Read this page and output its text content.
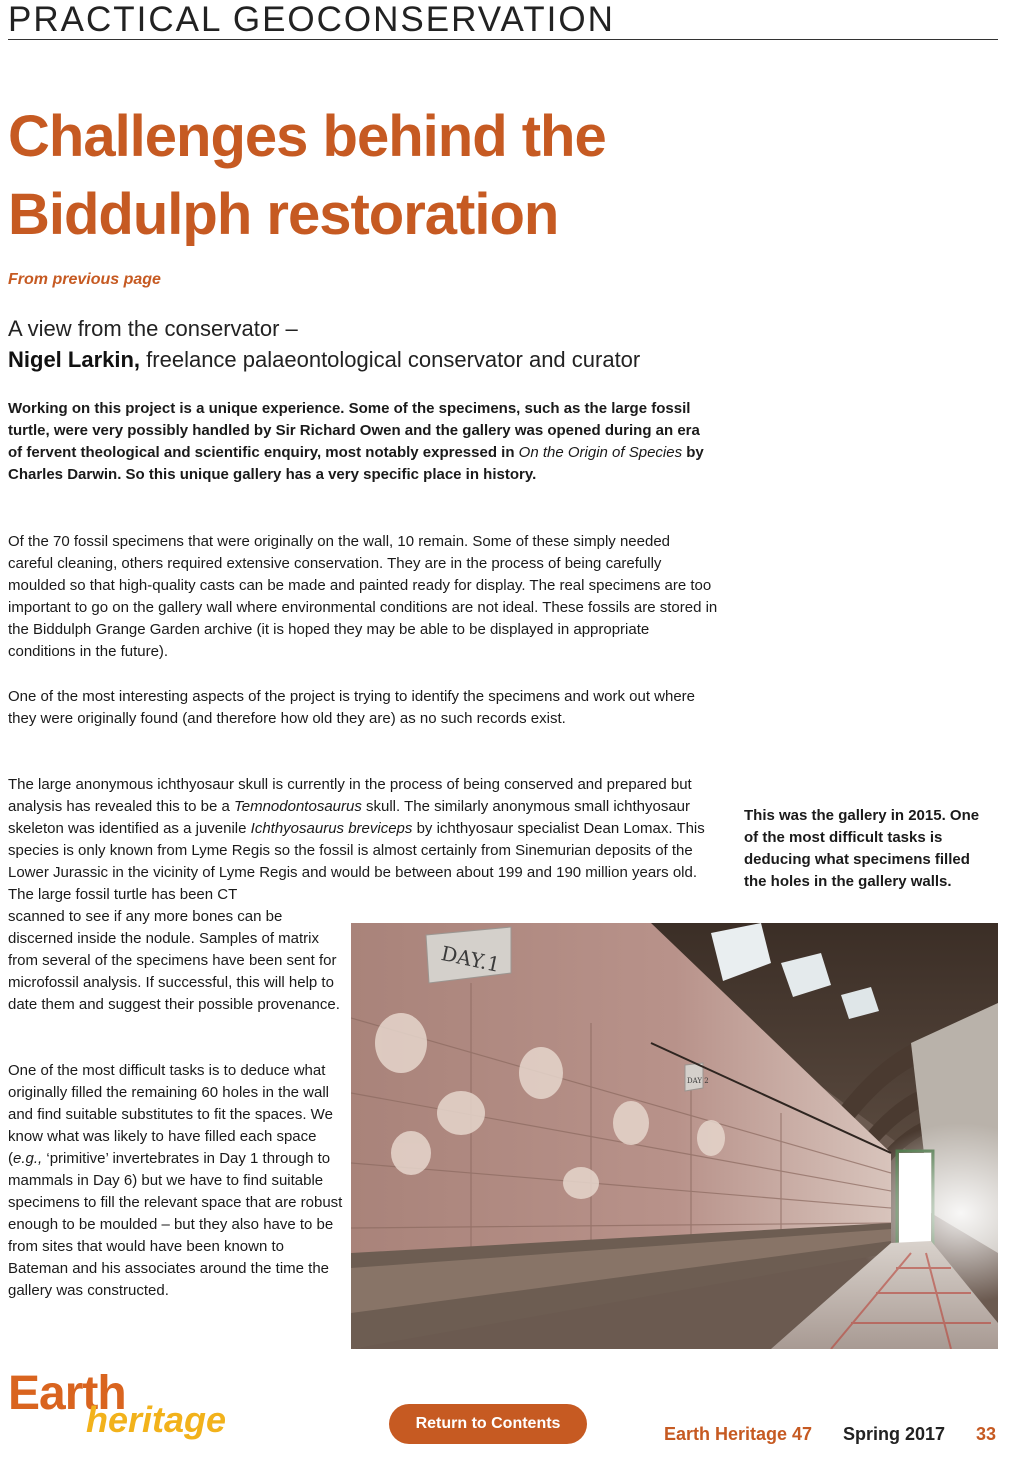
PRACTICAL GEOCONSERVATION
Challenges behind the Biddulph restoration
From previous page
A view from the conservator –
Nigel Larkin, freelance palaeontological conservator and curator

Working on this project is a unique experience. Some of the specimens, such as the large fossil turtle, were very possibly handled by Sir Richard Owen and the gallery was opened during an era of fervent theological and scientific enquiry, most notably expressed in On the Origin of Species by Charles Darwin. So this unique gallery has a very specific place in history.

Of the 70 fossil specimens that were originally on the wall, 10 remain. Some of these simply needed careful cleaning, others required extensive conservation. They are in the process of being carefully moulded so that high-quality casts can be made and painted ready for display. The real specimens are too important to go on the gallery wall where environmental conditions are not ideal. These fossils are stored in the Biddulph Grange Garden archive (it is hoped they may be able to be displayed in appropriate conditions in the future).

One of the most interesting aspects of the project is trying to identify the specimens and work out where they were originally found (and therefore how old they are) as no such records exist.

The large anonymous ichthyosaur skull is currently in the process of being conserved and prepared but analysis has revealed this to be a Temnodontosaurus skull. The similarly anonymous small ichthyosaur skeleton was identified as a juvenile Ichthyosaurus breviceps by ichthyosaur specialist Dean Lomax. This species is only known from Lyme Regis so the fossil is almost certainly from Sinemurian deposits of the Lower Jurassic in the vicinity of Lyme Regis and would be between about 199 and 190 million years old. The large fossil turtle has been CT

scanned to see if any more bones can be discerned inside the nodule. Samples of matrix from several of the specimens have been sent for microfossil analysis. If successful, this will help to date them and suggest their possible provenance.

One of the most difficult tasks is to deduce what originally filled the remaining 60 holes in the wall and find suitable substitutes to fit the spaces. We know what was likely to have filled each space (e.g., ‘primitive’ invertebrates in Day 1 through to mammals in Day 6) but we have to find suitable specimens to fill the relevant space that are robust enough to be moulded – but they also have to be from sites that would have been known to Bateman and his associates around the time the gallery was constructed.

This was the gallery in 2015. One of the most difficult tasks is deducing what specimens filled the holes in the gallery walls.
DAY.1
DAY 2
Earth
heritage	Return to Contents
Earth Heritage 47 Spring 2017 33
